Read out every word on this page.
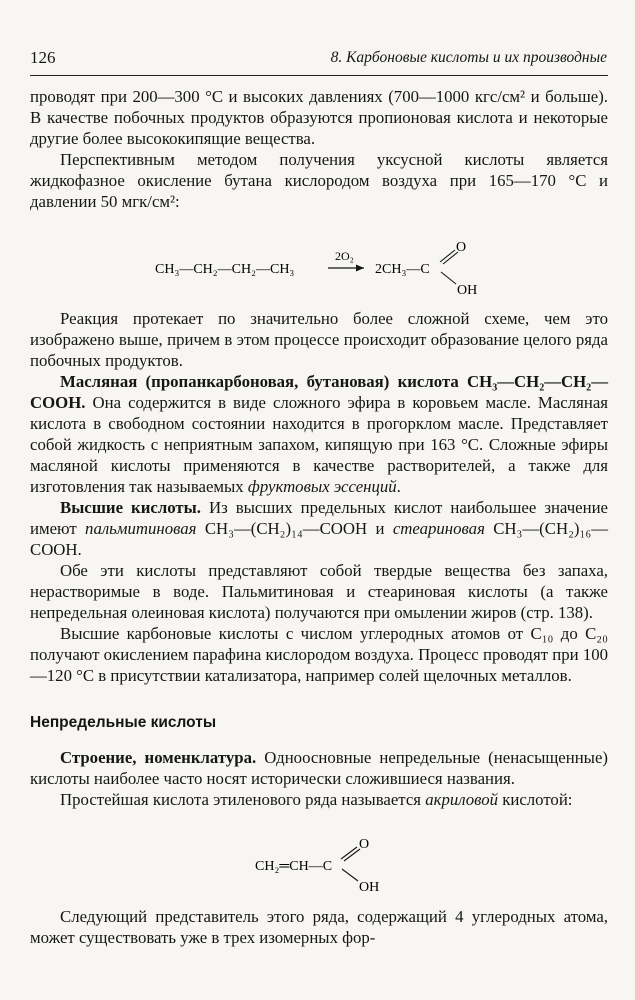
126	8. Карбоновые кислоты и их производные

проводят при 200—300 °C и высоких давлениях (700—1000 кгс/см² и больше). В качестве побочных продуктов образуются пропионовая кислота и некоторые другие более высококипящие вещества.

Перспективным методом получения уксусной кислоты является жидкофазное окисление бутана кислородом воздуха при 165—170 °C и давлении 50 мгк/см²:

CH₃—CH₂—CH₂—CH₃
2O₂
2CH₃—C
O
OH

Реакция протекает по значительно более сложной схеме, чем это изображено выше, причем в этом процессе происходит образование целого ряда побочных продуктов.

Масляная (пропанкарбоновая, бутановая) кислота CH₃—CH₂—CH₂—COOH. Она содержится в виде сложного эфира в коровьем масле. Масляная кислота в свободном состоянии находится в прогорклом масле. Представляет собой жидкость с неприятным запахом, кипящую при 163 °C. Сложные эфиры масляной кислоты применяются в качестве растворителей, а также для изготовления так называемых фруктовых эссенций.

Высшие кислоты. Из высших предельных кислот наибольшее значение имеют пальмитиновая CH₃—(CH₂)₁₄—COOH и стеариновая CH₃—(CH₂)₁₆—COOH.

Обе эти кислоты представляют собой твердые вещества без запаха, нерастворимые в воде. Пальмитиновая и стеариновая кислоты (а также непредельная олеиновая кислота) получаются при омылении жиров (стр. 138).

Высшие карбоновые кислоты с числом углеродных атомов от C₁₀ до C₂₀ получают окислением парафина кислородом воздуха. Процесс проводят при 100—120 °C в присутствии катализатора, например солей щелочных металлов.

Непредельные кислоты

Строение, номенклатура. Одноосновные непредельные (ненасыщенные) кислоты наиболее часто носят исторически сложившиеся названия.

Простейшая кислота этиленового ряда называется акриловой кислотой:

CH₂═CH—C
O
OH

Следующий представитель этого ряда, содержащий 4 углеродных атома, может существовать уже в трех изомерных фор-
